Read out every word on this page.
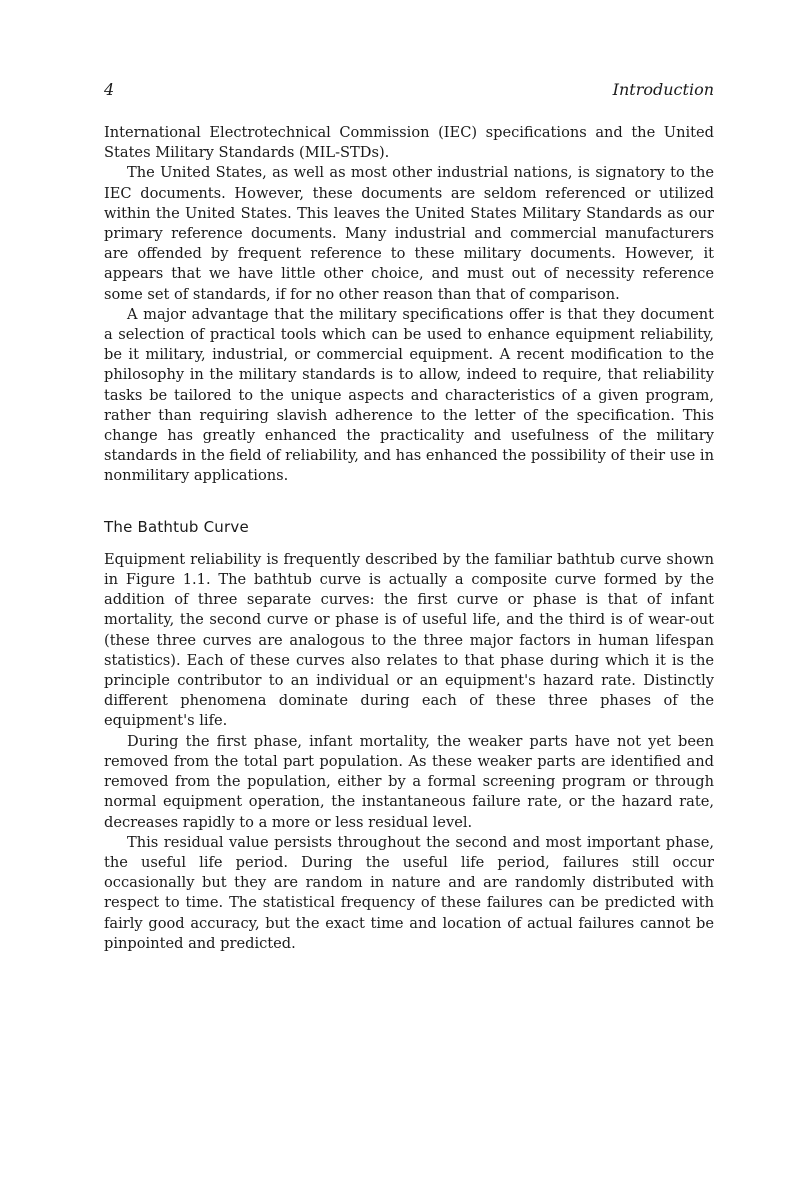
4	Introduction

International Electrotechnical Commission (IEC) specifications and the United States Military Standards (MIL-STDs).

The United States, as well as most other industrial nations, is signatory to the IEC documents. However, these documents are seldom referenced or utilized within the United States. This leaves the United States Military Standards as our primary reference documents. Many industrial and commercial manufacturers are offended by frequent reference to these military documents. However, it appears that we have little other choice, and must out of necessity reference some set of standards, if for no other reason than that of comparison.

A major advantage that the military specifications offer is that they document a selection of practical tools which can be used to enhance equipment reliability, be it military, industrial, or commercial equipment. A recent modification to the philosophy in the military standards is to allow, indeed to require, that reliability tasks be tailored to the unique aspects and characteristics of a given program, rather than requiring slavish adherence to the letter of the specification. This change has greatly enhanced the practicality and usefulness of the military standards in the field of reliability, and has enhanced the possibility of their use in nonmilitary applications.

The Bathtub Curve

Equipment reliability is frequently described by the familiar bathtub curve shown in Figure 1.1. The bathtub curve is actually a composite curve formed by the addition of three separate curves: the first curve or phase is that of infant mortality, the second curve or phase is of useful life, and the third is of wear-out (these three curves are analogous to the three major factors in human lifespan statistics). Each of these curves also relates to that phase during which it is the principle contributor to an individual or an equipment's hazard rate. Distinctly different phenomena dominate during each of these three phases of the equipment's life.

During the first phase, infant mortality, the weaker parts have not yet been removed from the total part population. As these weaker parts are identified and removed from the population, either by a formal screening program or through normal equipment operation, the instantaneous failure rate, or the hazard rate, decreases rapidly to a more or less residual level.

This residual value persists throughout the second and most important phase, the useful life period. During the useful life period, failures still occur occasionally but they are random in nature and are randomly distributed with respect to time. The statistical frequency of these failures can be predicted with fairly good accuracy, but the exact time and location of actual failures cannot be pinpointed and predicted.
